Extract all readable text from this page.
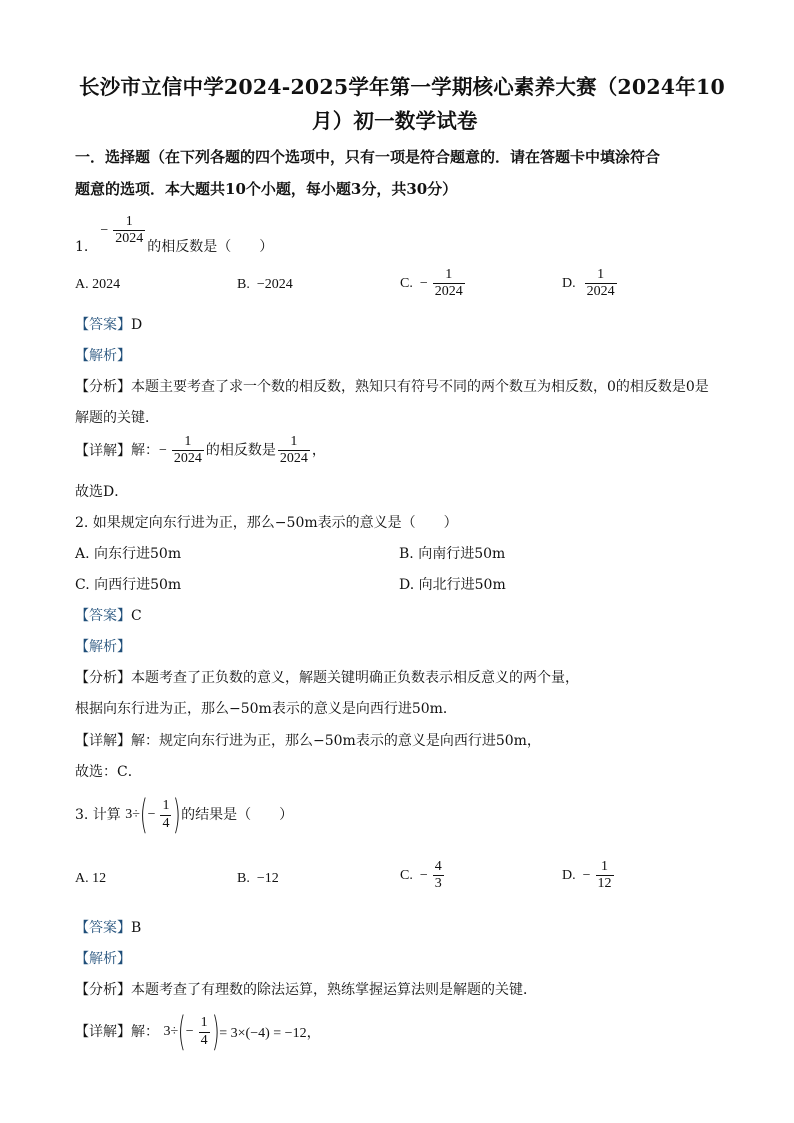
长沙市立信中学2024-2025学年第一学期核心素养大赛（2024年10
月）初一数学试卷
一．选择题（在下列各题的四个选项中，只有一项是符合题意的．请在答题卡中填涂符合
题意的选项．本大题共10个小题，每小题3分，共30分）
1.
− $\frac{1}{2024}$ 的相反数是（　　）
A. 2024	B. −2024	C. − $\frac{1}{2024}$	D. $\frac{1}{2024}$
【答案】D
【解析】
【分析】本题主要考查了求一个数的相反数，熟知只有符号不同的两个数互为相反数，0的相反数是0是
解题的关键．
【详解】解： − $\frac{1}{2024}$ 的相反数是 $\frac{1}{2024}$ ，
故选D．
2. 如果规定向东行进为正，那么−50m表示的意义是（　　）
A. 向东行进50m	B. 向南行进50m
C. 向西行进50m	D. 向北行进50m
【答案】C
【解析】
【分析】本题考查了正负数的意义，解题关键明确正负数表示相反意义的两个量，
根据向东行进为正，那么−50m表示的意义是向西行进50m．
【详解】解：规定向东行进为正，那么−50m表示的意义是向西行进50m，
故选：C．
3. 计算 3÷ ( − $\frac{1}{4}$ ) 的结果是（　　）
A. 12	B. −12	C. − $\frac{4}{3}$	D. − $\frac{1}{12}$
【答案】B
【解析】
【分析】本题考查了有理数的除法运算，熟练掌握运算法则是解题的关键．
【详解】解： 3÷ ( − $\frac{1}{4}$ ) = 3×(−4) = −12，
